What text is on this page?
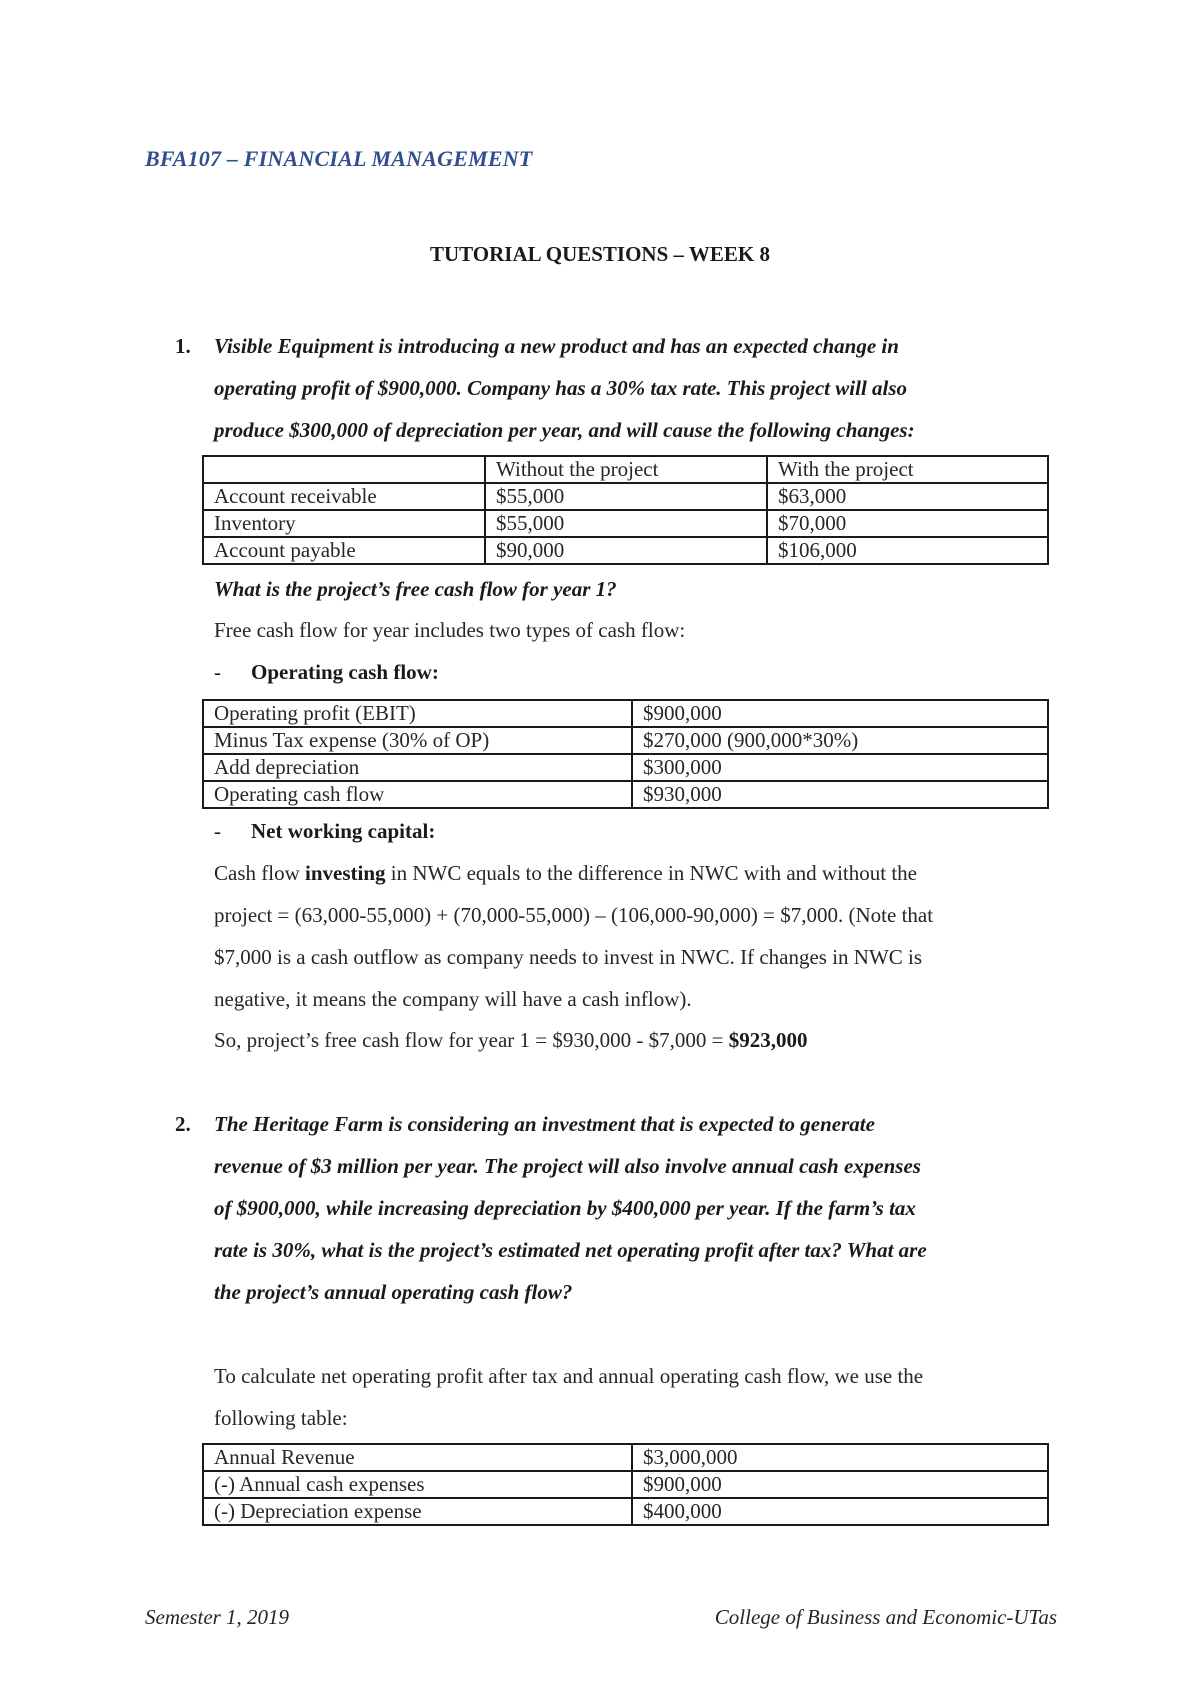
BFA107 – FINANCIAL MANAGEMENT
TUTORIAL QUESTIONS – WEEK 8
1. Visible Equipment is introducing a new product and has an expected change in
operating profit of $900,000. Company has a 30% tax rate. This project will also
produce $300,000 of depreciation per year, and will cause the following changes:
	Without the project	With the project
Account receivable	$55,000	$63,000
Inventory	$55,000	$70,000
Account payable	$90,000	$106,000
What is the project’s free cash flow for year 1?
Free cash flow for year includes two types of cash flow:
- Operating cash flow:
Operating profit (EBIT)	$900,000
Minus Tax expense (30% of OP)	$270,000 (900,000*30%)
Add depreciation	$300,000
Operating cash flow	$930,000
- Net working capital:
Cash flow investing in NWC equals to the difference in NWC with and without the
project = (63,000-55,000) + (70,000-55,000) – (106,000-90,000) = $7,000. (Note that
$7,000 is a cash outflow as company needs to invest in NWC. If changes in NWC is
negative, it means the company will have a cash inflow).
So, project’s free cash flow for year 1 = $930,000 - $7,000 = $923,000
2. The Heritage Farm is considering an investment that is expected to generate
revenue of $3 million per year. The project will also involve annual cash expenses
of $900,000, while increasing depreciation by $400,000 per year. If the farm’s tax
rate is 30%, what is the project’s estimated net operating profit after tax? What are
the project’s annual operating cash flow?
To calculate net operating profit after tax and annual operating cash flow, we use the
following table:
Annual Revenue	$3,000,000
(-) Annual cash expenses	$900,000
(-) Depreciation expense	$400,000
Semester 1, 2019	College of Business and Economic-UTas
